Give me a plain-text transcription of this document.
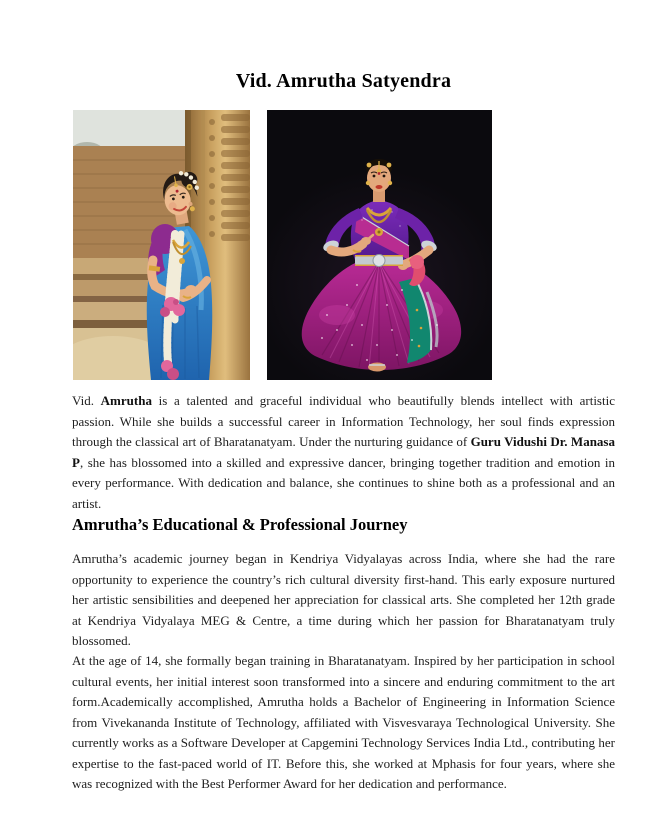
Vid. Amrutha Satyendra

Vid. Amrutha is a talented and graceful individual who beautifully blends intellect with artistic passion. While she builds a successful career in Information Technology, her soul finds expression through the classical art of Bharatanatyam. Under the nurturing guidance of Guru Vidushi Dr. Manasa P, she has blossomed into a skilled and expressive dancer, bringing together tradition and emotion in every performance. With dedication and balance, she continues to shine both as a professional and an artist.

Amrutha’s Educational & Professional Journey

Amrutha’s academic journey began in Kendriya Vidyalayas across India, where she had the rare opportunity to experience the country’s rich cultural diversity first-hand. This early exposure nurtured her artistic sensibilities and deepened her appreciation for classical arts. She completed her 12th grade at Kendriya Vidyalaya MEG & Centre, a time during which her passion for Bharatanatyam truly blossomed.

At the age of 14, she formally began training in Bharatanatyam. Inspired by her participation in school cultural events, her initial interest soon transformed into a sincere and enduring commitment to the art form.Academically accomplished, Amrutha holds a Bachelor of Engineering in Information Science from Vivekananda Institute of Technology, affiliated with Visvesvaraya Technological University. She currently works as a Software Developer at Capgemini Technology Services India Ltd., contributing her expertise to the fast-paced world of IT. Before this, she worked at Mphasis for four years, where she was recognized with the Best Performer Award for her dedication and performance.
